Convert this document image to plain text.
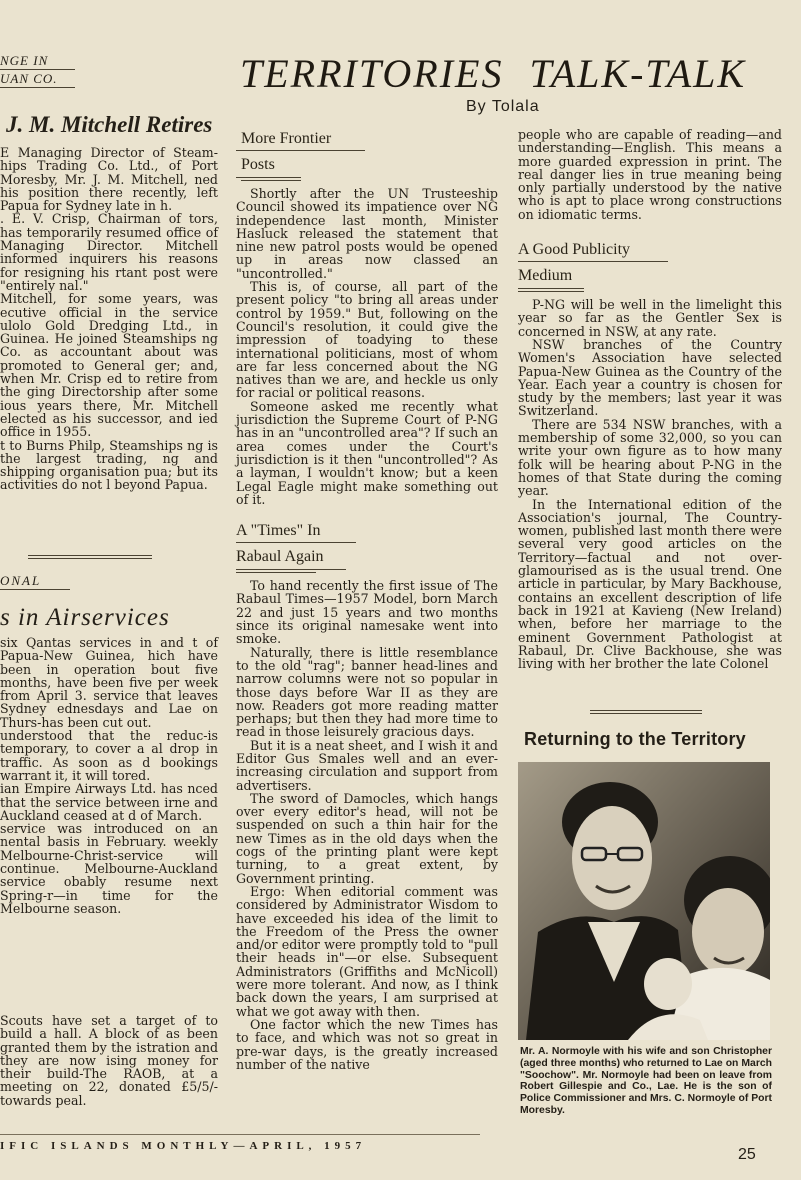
NGE IN
UAN CO.	TERRITORIES TALK-TALK
By Tolala
J. M. Mitchell Retires

E Managing Director of Steam-hips Trading Co. Ltd., of Port Moresby, Mr. J. M. Mitchell, ned his position there recently, left Papua for Sydney late in h.

. E. V. Crisp, Chairman of tors, has temporarily resumed office of Managing Director. Mitchell informed inquirers his reasons for resigning his rtant post were "entirely nal."

Mitchell, for some years, was ecutive official in the service ulolo Gold Dredging Ltd., in Guinea. He joined Steamships ng Co. as accountant about was promoted to General ger; and, when Mr. Crisp ed to retire from the ging Directorship after some ious years there, Mr. Mitchell elected as his successor, and ied office in 1955.

t to Burns Philp, Steamships ng is the largest trading, ng and shipping organisation pua; but its activities do not l beyond Papua.

ONAL
s in Airservices

six Qantas services in and t of Papua-New Guinea, hich have been in operation bout five months, have been five per week from April 3. service that leaves Sydney ednesdays and Lae on Thurs-has been cut out.

understood that the reduc-is temporary, to cover a al drop in traffic. As soon as d bookings warrant it, it will tored.

ian Empire Airways Ltd. has nced that the service between irne and Auckland ceased at d of March.

service was introduced on an nental basis in February. weekly Melbourne-Christ-service will continue. Melbourne-Auckland service obably resume next Spring-r—in time for the Melbourne season.

Scouts have set a target of to build a hall. A block of as been granted them by the istration and they are now ising money for their build-The RAOB, at a meeting on 22, donated £5/5/- towards peal.

More Frontier
Posts

Shortly after the UN Trusteeship Council showed its impatience over NG independence last month, Minister Hasluck released the statement that nine new patrol posts would be opened up in areas now classed an "uncontrolled."

This is, of course, all part of the present policy "to bring all areas under control by 1959." But, following on the Council's resolution, it could give the impression of toadying to these international politicians, most of whom are far less concerned about the NG natives than we are, and heckle us only for racial or political reasons.

Someone asked me recently what jurisdiction the Supreme Court of P-NG has in an "uncontrolled area"? If such an area comes under the Court's jurisdiction is it then "uncontrolled"? As a layman, I wouldn't know; but a keen Legal Eagle might make something out of it.

A "Times" In
Rabaul Again

To hand recently the first issue of The Rabaul Times—1957 Model, born March 22 and just 15 years and two months since its original namesake went into smoke.

Naturally, there is little resemblance to the old "rag"; banner head-lines and narrow columns were not so popular in those days before War II as they are now. Readers got more reading matter perhaps; but then they had more time to read in those leisurely gracious days.

But it is a neat sheet, and I wish it and Editor Gus Smales well and an ever-increasing circulation and support from advertisers.

The sword of Damocles, which hangs over every editor's head, will not be suspended on such a thin hair for the new Times as in the old days when the cogs of the printing plant were kept turning, to a great extent, by Government printing.

Ergo: When editorial comment was considered by Administrator Wisdom to have exceeded his idea of the limit to the Freedom of the Press the owner and/or editor were promptly told to "pull their heads in"—or else. Subsequent Administrators (Griffiths and McNicoll) were more tolerant. And now, as I think back down the years, I am surprised at what we got away with then.

One factor which the new Times has to face, and which was not so great in pre-war days, is the greatly increased number of the native

people who are capable of reading—and understanding—English. This means a more guarded expression in print. The real danger lies in true meaning being only partially understood by the native who is apt to place wrong constructions on idiomatic terms.

A Good Publicity
Medium

P-NG will be well in the limelight this year so far as the Gentler Sex is concerned in NSW, at any rate.

NSW branches of the Country Women's Association have selected Papua-New Guinea as the Country of the Year. Each year a country is chosen for study by the members; last year it was Switzerland.

There are 534 NSW branches, with a membership of some 32,000, so you can write your own figure as to how many folk will be hearing about P-NG in the homes of that State during the coming year.

In the International edition of the Association's journal, The Country-women, published last month there were several very good articles on the Territory—factual and not over-glamourised as is the usual trend. One article in particular, by Mary Backhouse, contains an excellent description of life back in 1921 at Kavieng (New Ireland) when, before her marriage to the eminent Government Pathologist at Rabaul, Dr. Clive Backhouse, she was living with her brother the late Colonel

Returning to the Territory
Mr. A. Normoyle with his wife and son Christopher (aged three months) who returned to Lae on March "Soochow". Mr. Normoyle had been on leave from Robert Gillespie and Co., Lae. He is the son of Police Commissioner and Mrs. C. Normoyle of Port Moresby.
IFIC ISLANDS MONTHLY—APRIL, 1957	25
